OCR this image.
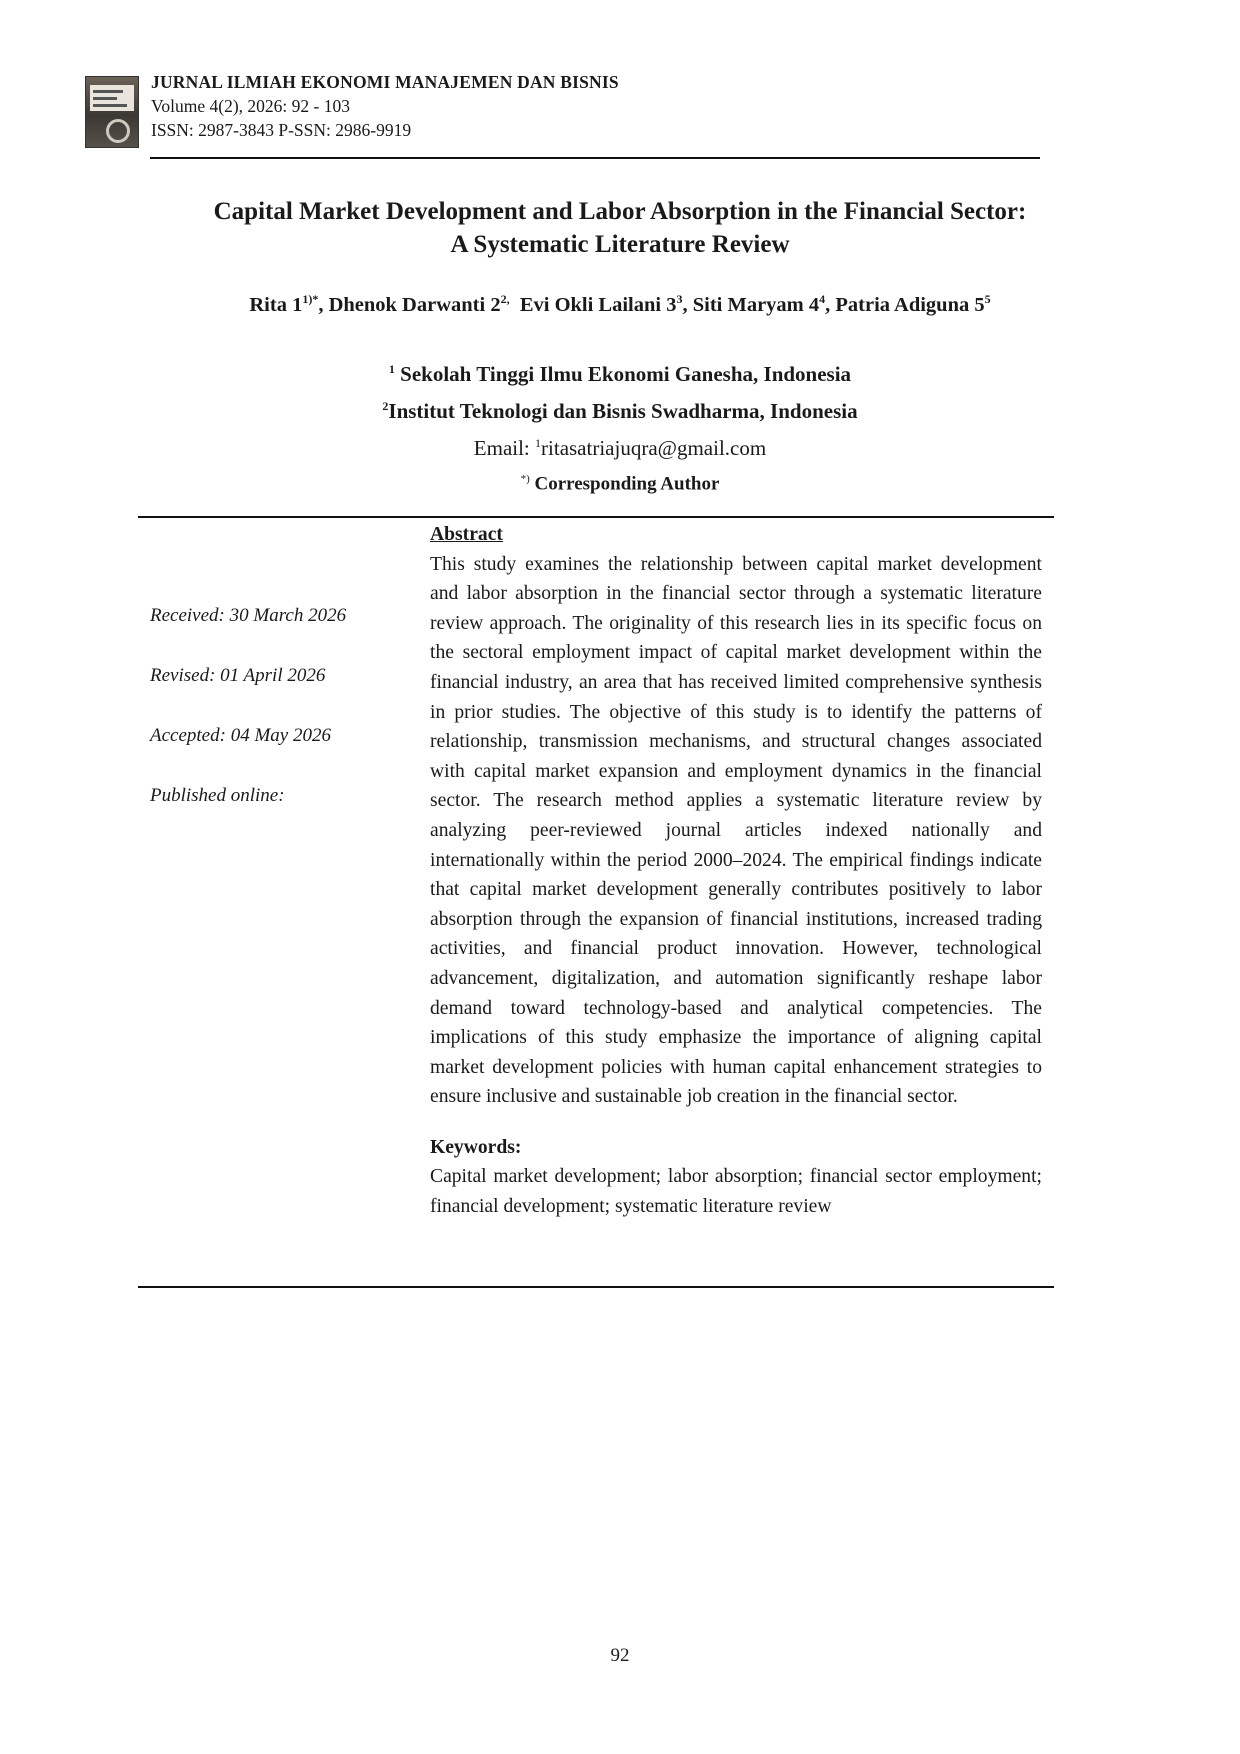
JURNAL ILMIAH EKONOMI MANAJEMEN DAN BISNIS
Volume 4(2), 2026: 92 - 103
ISSN: 2987-3843 P-SSN: 2986-9919
Capital Market Development and Labor Absorption in the Financial Sector:
A Systematic Literature Review
Rita $1^{1)*}$, Dhenok Darwanti $2^{2,}$ Evi Okli Lailani $3^3$, Siti Maryam $4^4$, Patria Adiguna $5^5$
$^1$ Sekolah Tinggi Ilmu Ekonomi Ganesha, Indonesia
$^2$Institut Teknologi dan Bisnis Swadharma, Indonesia
Email: $^1$ritasatriajuqra@gmail.com
*) Corresponding Author
Received: 30 March 2026
Revised: 01 April 2026
Accepted: 04 May 2026
Published online:

Abstract

This study examines the relationship between capital market development and labor absorption in the financial sector through a systematic literature review approach. The originality of this research lies in its specific focus on the sectoral employment impact of capital market development within the financial industry, an area that has received limited comprehensive synthesis in prior studies. The objective of this study is to identify the patterns of relationship, transmission mechanisms, and structural changes associated with capital market expansion and employment dynamics in the financial sector. The research method applies a systematic literature review by analyzing peer-reviewed journal articles indexed nationally and internationally within the period 2000–2024. The empirical findings indicate that capital market development generally contributes positively to labor absorption through the expansion of financial institutions, increased trading activities, and financial product innovation. However, technological advancement, digitalization, and automation significantly reshape labor demand toward technology-based and analytical competencies. The implications of this study emphasize the importance of aligning capital market development policies with human capital enhancement strategies to ensure inclusive and sustainable job creation in the financial sector.

Keywords:

Capital market development; labor absorption; financial sector employment; financial development; systematic literature review

92
